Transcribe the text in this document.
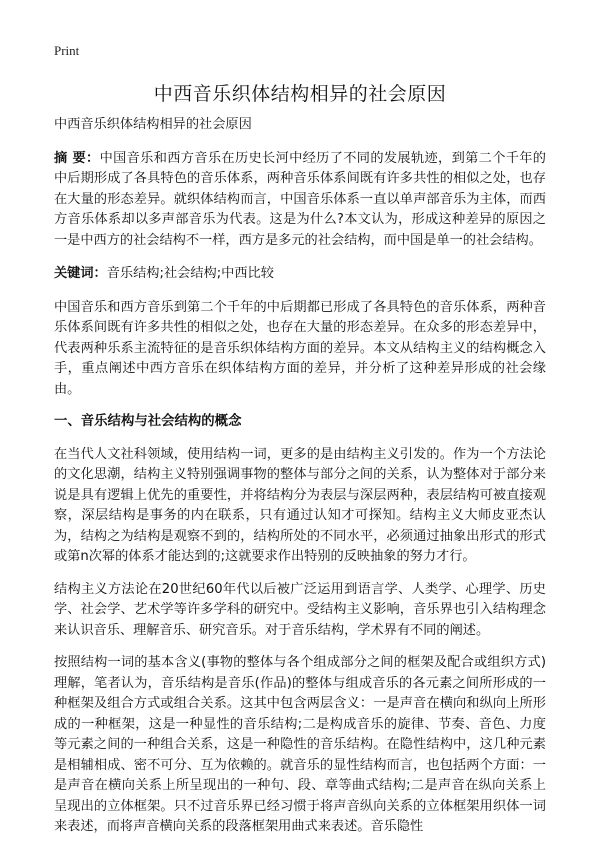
Print
中西音乐织体结构相异的社会原因

中西音乐织体结构相异的社会原因

摘 要：中国音乐和西方音乐在历史长河中经历了不同的发展轨迹，到第二个千年的中后期形成了各具特色的音乐体系，两种音乐体系间既有许多共性的相似之处，也存在大量的形态差异。就织体结构而言，中国音乐体系一直以单声部音乐为主体，而西方音乐体系却以多声部音乐为代表。这是为什么?本文认为，形成这种差异的原因之一是中西方的社会结构不一样，西方是多元的社会结构，而中国是单一的社会结构。

关键词：音乐结构;社会结构;中西比较

中国音乐和西方音乐到第二个千年的中后期都已形成了各具特色的音乐体系，两种音乐体系间既有许多共性的相似之处，也存在大量的形态差异。在众多的形态差异中，代表两种乐系主流特征的是音乐织体结构方面的差异。本文从结构主义的结构概念入手，重点阐述中西方音乐在织体结构方面的差异，并分析了这种差异形成的社会缘由。

一、音乐结构与社会结构的概念

在当代人文社科领域，使用结构一词，更多的是由结构主义引发的。作为一个方法论的文化思潮，结构主义特别强调事物的整体与部分之间的关系，认为整体对于部分来说是具有逻辑上优先的重要性，并将结构分为表层与深层两种，表层结构可被直接观察，深层结构是事务的内在联系，只有通过认知才可探知。结构主义大师皮亚杰认为，结构之为结构是观察不到的，结构所处的不同水平，必须通过抽象出形式的形式或第n次幂的体系才能达到的;这就要求作出特别的反映抽象的努力才行。

结构主义方法论在20世纪60年代以后被广泛运用到语言学、人类学、心理学、历史学、社会学、艺术学等许多学科的研究中。受结构主义影响，音乐界也引入结构理念来认识音乐、理解音乐、研究音乐。对于音乐结构，学术界有不同的阐述。

按照结构一词的基本含义(事物的整体与各个组成部分之间的框架及配合或组织方式)理解，笔者认为，音乐结构是音乐(作品)的整体与组成音乐的各元素之间所形成的一种框架及组合方式或组合关系。这其中包含两层含义：一是声音在横向和纵向上所形成的一种框架，这是一种显性的音乐结构;二是构成音乐的旋律、节奏、音色、力度等元素之间的一种组合关系，这是一种隐性的音乐结构。在隐性结构中，这几种元素是相辅相成、密不可分、互为依赖的。就音乐的显性结构而言，也包括两个方面：一是声音在横向关系上所呈现出的一种句、段、章等曲式结构;二是声音在纵向关系上呈现出的立体框架。只不过音乐界已经习惯于将声音纵向关系的立体框架用织体一词来表述，而将声音横向关系的段落框架用曲式来表述。音乐隐性
